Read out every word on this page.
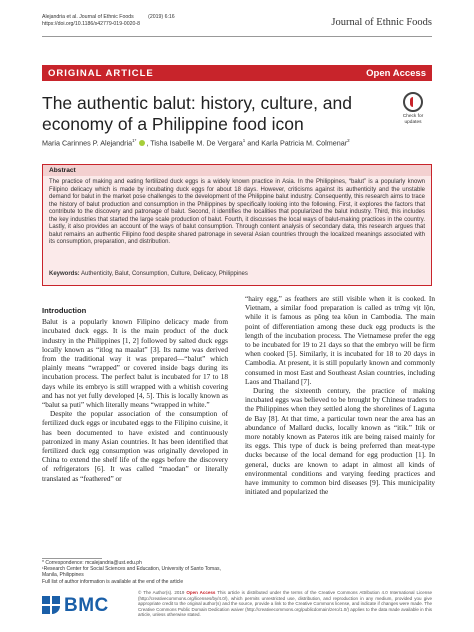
Alejandria et al. Journal of Ethnic Foods	(2019) 6:16
https://doi.org/10.1186/s42779-019-0020-8	Journal of Ethnic Foods
ORIGINAL ARTICLE	Open Access
The authentic balut: history, culture, and economy of a Philippine food icon	Check for
updates
Maria Carinnes P. Alejandria$^{1*}$ , Tisha Isabelle M. De Vergara$^1$ and Karla Patricia M. Colmenar$^2$
Abstract
The practice of making and eating fertilized duck eggs is a widely known practice in Asia. In the Philippines, “balut” is a popularly known Filipino delicacy which is made by incubating duck eggs for about 18 days. However, criticisms against its authenticity and the unstable demand for balut in the market pose challenges to the development of the Philippine balut industry. Consequently, this research aims to trace the history of balut production and consumption in the Philippines by specifically looking into the following. First, it explores the factors that contribute to the discovery and patronage of balut. Second, it identifies the localities that popularized the balut industry. Third, this includes the key industries that started the large scale production of balut. Fourth, it discusses the local ways of balut-making practices in the country. Lastly, it also provides an account of the ways of balut consumption. Through content analysis of secondary data, this research argues that balut remains an authentic Filipino food despite shared patronage in several Asian countries through the localized meanings associated with its consumption, preparation, and distribution.
Keywords: Authenticity, Balut, Consumption, Culture, Delicacy, Philippines
Introduction

Balut is a popularly known Filipino delicacy made from incubated duck eggs. It is the main product of the duck industry in the Philippines [1, 2] followed by salted duck eggs locally known as “itlog na maalat” [3]. Its name was derived from the traditional way it was prepared—“balut” which plainly means “wrapped” or covered inside bags during its incubation process. The perfect balut is incubated for 17 to 18 days while its embryo is still wrapped with a whitish covering and has not yet fully developed [4, 5]. This is locally known as “balut sa puti” which literally means “wrapped in white.”

Despite the popular association of the consumption of fertilized duck eggs or incubated eggs to the Filipino cuisine, it has been documented to have existed and continuously patronized in many Asian countries. It has been identified that fertilized duck egg consumption was originally developed in China to extend the shelf life of the eggs before the discovery of refrigerators [6]. It was called “maodan” or literally translated as “feathered” or

“hairy egg,” as feathers are still visible when it is cooked. In Vietnam, a similar food preparation is called as trứng vịt lộn, while it is famous as pông tea kōun in Cambodia. The main point of differentiation among these duck egg products is the length of the incubation process. The Vietnamese prefer the egg to be incubated for 19 to 21 days so that the embryo will be firm when cooked [5]. Similarly, it is incubated for 18 to 20 days in Cambodia. At present, it is still popularly known and commonly consumed in most East and Southeast Asian countries, including Laos and Thailand [7].

During the sixteenth century, the practice of making incubated eggs was believed to be brought by Chinese traders to the Philippines when they settled along the shorelines of Laguna de Bay [8]. At that time, a particular town near the area has an abundance of Mallard ducks, locally known as “itik.” Itik or more notably known as Pateros itik are being raised mainly for its eggs. This type of duck is being preferred than meat-type ducks because of the local demand for egg production [1]. In general, ducks are known to adapt in almost all kinds of environmental conditions and varying feeding practices and have immunity to common bird diseases [9]. This municipality initiated and popularized the

* Correspondence: mcalejandria@ust.edu.ph
¹Research Center for Social Sciences and Education, University of Santo Tomas, Manila, Philippines
Full list of author information is available at the end of the article
BMC
© The Author(s). 2019 Open Access This article is distributed under the terms of the Creative Commons Attribution 4.0 International License (http://creativecommons.org/licenses/by/4.0/), which permits unrestricted use, distribution, and reproduction in any medium, provided you give appropriate credit to the original author(s) and the source, provide a link to the Creative Commons license, and indicate if changes were made. The Creative Commons Public Domain Dedication waiver (http://creativecommons.org/publicdomain/zero/1.0/) applies to the data made available in this article, unless otherwise stated.
